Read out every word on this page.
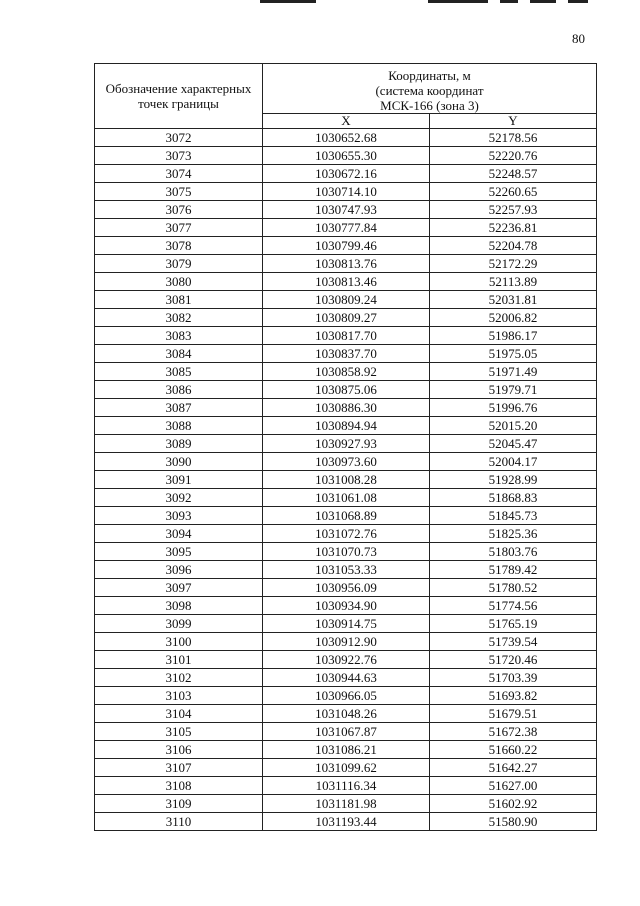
80
Обозначение характерных точек границы	Координаты, м
(система координат
МСК-166 (зона 3)	

	X	Y
3072	1030652.68	52178.56
3073	1030655.30	52220.76
3074	1030672.16	52248.57
3075	1030714.10	52260.65
3076	1030747.93	52257.93
3077	1030777.84	52236.81
3078	1030799.46	52204.78
3079	1030813.76	52172.29
3080	1030813.46	52113.89
3081	1030809.24	52031.81
3082	1030809.27	52006.82
3083	1030817.70	51986.17
3084	1030837.70	51975.05
3085	1030858.92	51971.49
3086	1030875.06	51979.71
3087	1030886.30	51996.76
3088	1030894.94	52015.20
3089	1030927.93	52045.47
3090	1030973.60	52004.17
3091	1031008.28	51928.99
3092	1031061.08	51868.83
3093	1031068.89	51845.73
3094	1031072.76	51825.36
3095	1031070.73	51803.76
3096	1031053.33	51789.42
3097	1030956.09	51780.52
3098	1030934.90	51774.56
3099	1030914.75	51765.19
3100	1030912.90	51739.54
3101	1030922.76	51720.46
3102	1030944.63	51703.39
3103	1030966.05	51693.82
3104	1031048.26	51679.51
3105	1031067.87	51672.38
3106	1031086.21	51660.22
3107	1031099.62	51642.27
3108	1031116.34	51627.00
3109	1031181.98	51602.92
3110	1031193.44	51580.90
